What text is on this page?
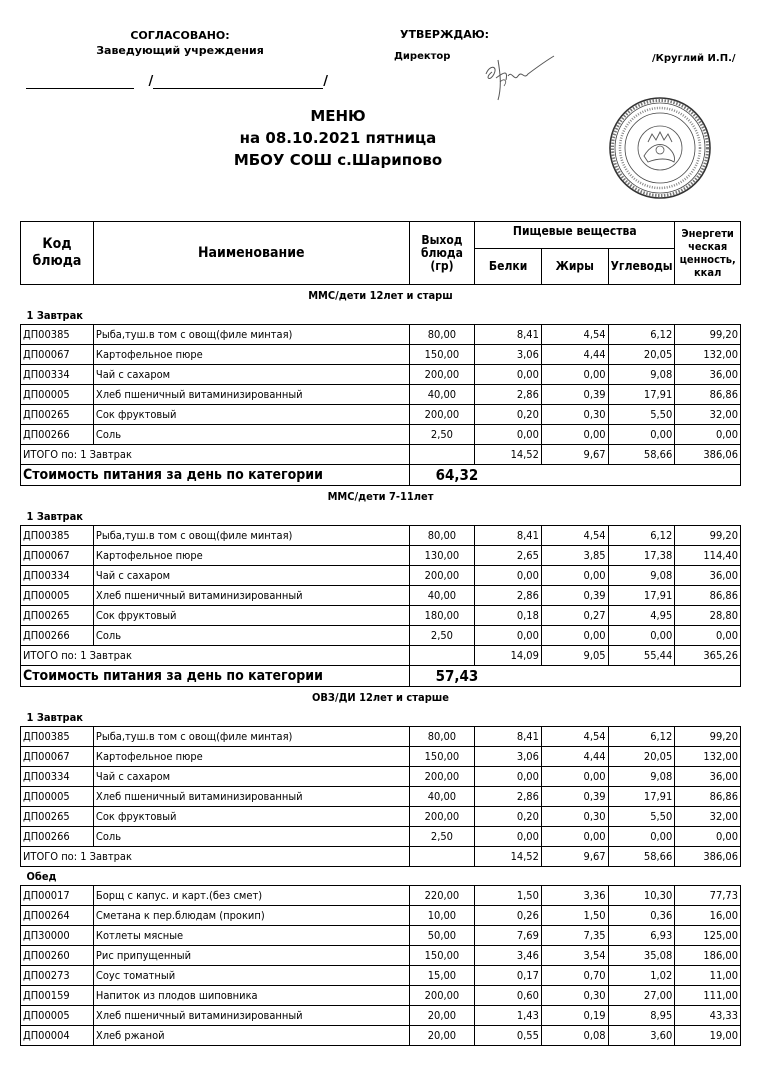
СОГЛАСОВАНО:
Заведующий учреждения
/	/
УТВЕРЖДАЮ:
Директор	/Круглий И.П./
МЕНЮ
на 08.10.2021 пятница
МБОУ СОШ с.Шарипово
Код блюда	Наименование	Выход блюда (гр)	Пищевые вещества			Энергети ческая ценность, ккал
			Белки	Жиры	Углеводы	
ММС/дети 12лет и старш						
1 Завтрак						
ДП00385	Рыба,туш.в том с овощ(филе минтая)	80,00	8,41	4,54	6,12	99,20
ДП00067	Картофельное пюре	150,00	3,06	4,44	20,05	132,00
ДП00334	Чай с сахаром	200,00	0,00	0,00	9,08	36,00
ДП00005	Хлеб пшеничный витаминизированный	40,00	2,86	0,39	17,91	86,86
ДП00265	Сок фруктовый	200,00	0,20	0,30	5,50	32,00
ДП00266	Соль	2,50	0,00	0,00	0,00	0,00
ИТОГО по: 1 Завтрак			14,52	9,67	58,66	386,06
Стоимость питания за день по категории		64,32				
ММС/дети 7-11лет						
1 Завтрак						
ДП00385	Рыба,туш.в том с овощ(филе минтая)	80,00	8,41	4,54	6,12	99,20
ДП00067	Картофельное пюре	130,00	2,65	3,85	17,38	114,40
ДП00334	Чай с сахаром	200,00	0,00	0,00	9,08	36,00
ДП00005	Хлеб пшеничный витаминизированный	40,00	2,86	0,39	17,91	86,86
ДП00265	Сок фруктовый	180,00	0,18	0,27	4,95	28,80
ДП00266	Соль	2,50	0,00	0,00	0,00	0,00
ИТОГО по: 1 Завтрак			14,09	9,05	55,44	365,26
Стоимость питания за день по категории		57,43				
ОВЗ/ДИ 12лет и старше						
1 Завтрак						
ДП00385	Рыба,туш.в том с овощ(филе минтая)	80,00	8,41	4,54	6,12	99,20
ДП00067	Картофельное пюре	150,00	3,06	4,44	20,05	132,00
ДП00334	Чай с сахаром	200,00	0,00	0,00	9,08	36,00
ДП00005	Хлеб пшеничный витаминизированный	40,00	2,86	0,39	17,91	86,86
ДП00265	Сок фруктовый	200,00	0,20	0,30	5,50	32,00
ДП00266	Соль	2,50	0,00	0,00	0,00	0,00
ИТОГО по: 1 Завтрак			14,52	9,67	58,66	386,06
Обед						
ДП00017	Борщ с капус. и карт.(без смет)	220,00	1,50	3,36	10,30	77,73
ДП00264	Сметана к пер.блюдам (прокип)	10,00	0,26	1,50	0,36	16,00
ДП30000	Котлеты мясные	50,00	7,69	7,35	6,93	125,00
ДП00260	Рис припущенный	150,00	3,46	3,54	35,08	186,00
ДП00273	Соус томатный	15,00	0,17	0,70	1,02	11,00
ДП00159	Напиток из плодов шиповника	200,00	0,60	0,30	27,00	111,00
ДП00005	Хлеб пшеничный витаминизированный	20,00	1,43	0,19	8,95	43,33
ДП00004	Хлеб ржаной	20,00	0,55	0,08	3,60	19,00
